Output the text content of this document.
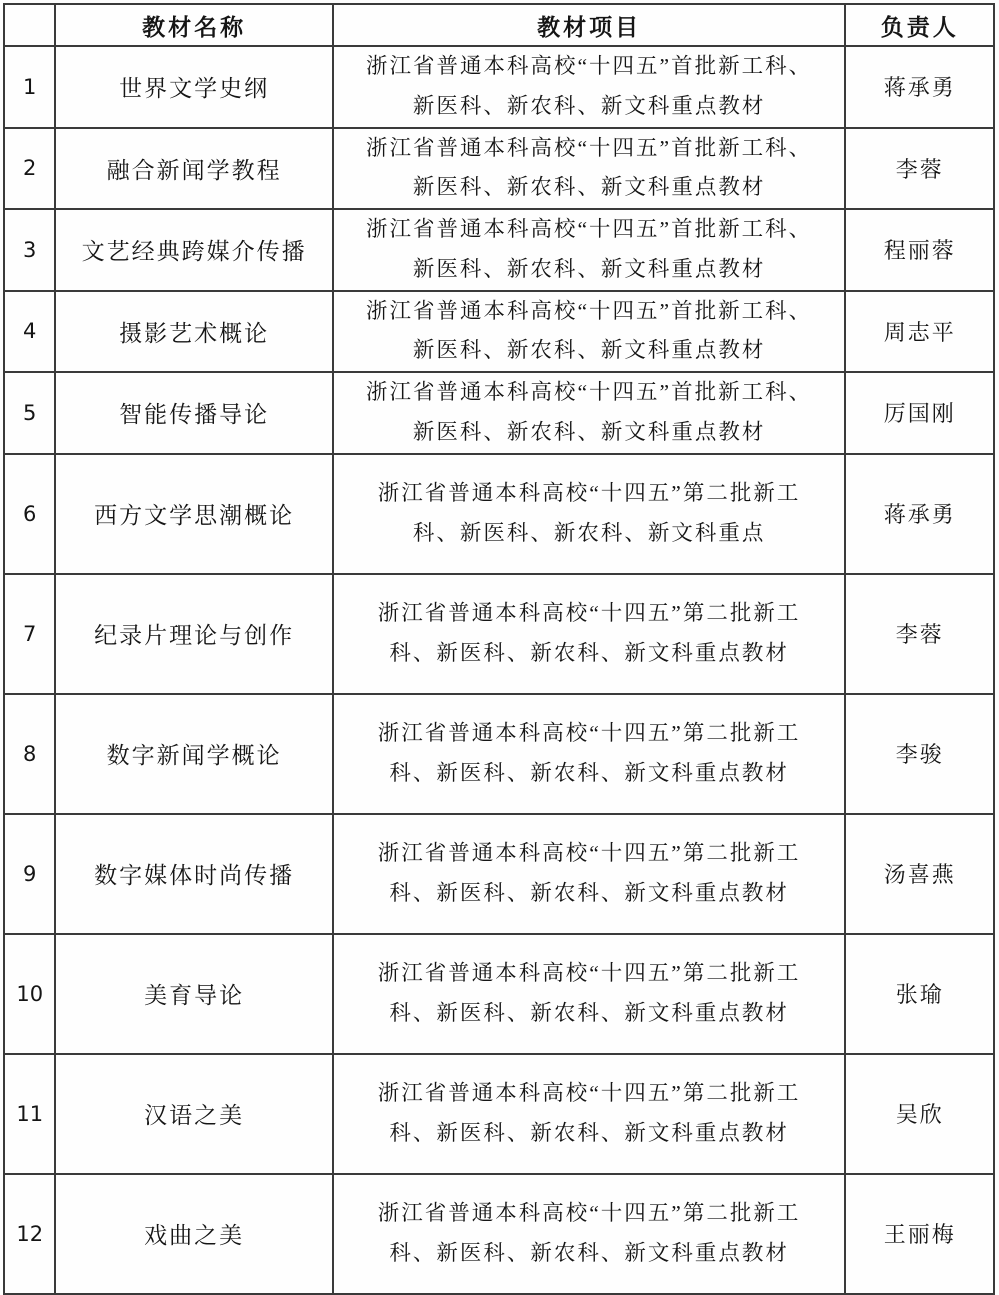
	教材名称	教材项目	负责人
1	世界文学史纲	浙江省普通本科高校“十四五”首批新工科、新医科、新农科、新文科重点教材	蒋承勇
2	融合新闻学教程	浙江省普通本科高校“十四五”首批新工科、新医科、新农科、新文科重点教材	李蓉
3	文艺经典跨媒介传播	浙江省普通本科高校“十四五”首批新工科、新医科、新农科、新文科重点教材	程丽蓉
4	摄影艺术概论	浙江省普通本科高校“十四五”首批新工科、新医科、新农科、新文科重点教材	周志平
5	智能传播导论	浙江省普通本科高校“十四五”首批新工科、新医科、新农科、新文科重点教材	厉国刚
6	西方文学思潮概论	浙江省普通本科高校“十四五”第二批新工科、新医科、新农科、新文科重点	蒋承勇
7	纪录片理论与创作	浙江省普通本科高校“十四五”第二批新工科、新医科、新农科、新文科重点教材	李蓉
8	数字新闻学概论	浙江省普通本科高校“十四五”第二批新工科、新医科、新农科、新文科重点教材	李骏
9	数字媒体时尚传播	浙江省普通本科高校“十四五”第二批新工科、新医科、新农科、新文科重点教材	汤喜燕
10	美育导论	浙江省普通本科高校“十四五”第二批新工科、新医科、新农科、新文科重点教材	张瑜
11	汉语之美	浙江省普通本科高校“十四五”第二批新工科、新医科、新农科、新文科重点教材	吴欣
12	戏曲之美	浙江省普通本科高校“十四五”第二批新工科、新医科、新农科、新文科重点教材	王丽梅
